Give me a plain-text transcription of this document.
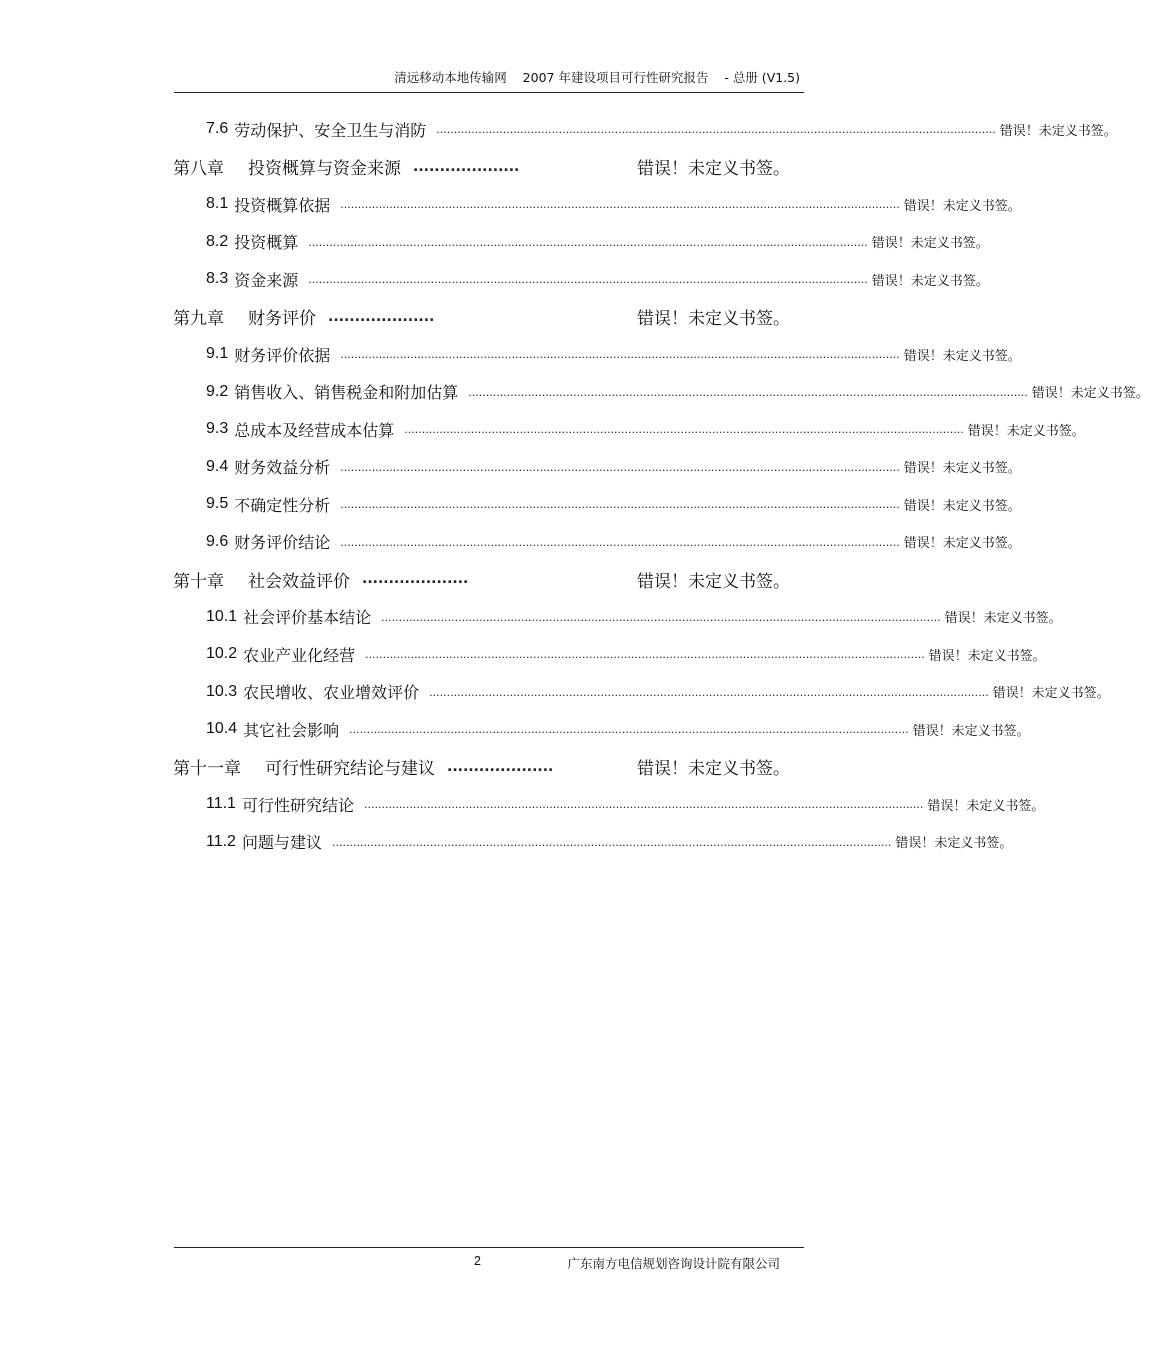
清远移动本地传输网    2007 年建设项目可行性研究报告    - 总册 (V1.5)
7.6 劳动保护、安全卫生与消防 ................................................................................................................................................................ 错误！未定义书签。
第八章 投资概算与资金来源 ....................	错误！未定义书签。
8.1 投资概算依据 ................................................................................................................................................................ 错误！未定义书签。
8.2 投资概算 ................................................................................................................................................................ 错误！未定义书签。
8.3 资金来源 ................................................................................................................................................................ 错误！未定义书签。
第九章 财务评价 ....................	错误！未定义书签。
9.1 财务评价依据 ................................................................................................................................................................ 错误！未定义书签。
9.2 销售收入、销售税金和附加估算 ................................................................................................................................................................ 错误！未定义书签。
9.3 总成本及经营成本估算 ................................................................................................................................................................ 错误！未定义书签。
9.4 财务效益分析 ................................................................................................................................................................ 错误！未定义书签。
9.5 不确定性分析 ................................................................................................................................................................ 错误！未定义书签。
9.6 财务评价结论 ................................................................................................................................................................ 错误！未定义书签。
第十章 社会效益评价 ....................	错误！未定义书签。
10.1 社会评价基本结论 ................................................................................................................................................................ 错误！未定义书签。
10.2 农业产业化经营 ................................................................................................................................................................ 错误！未定义书签。
10.3 农民增收、农业增效评价 ................................................................................................................................................................ 错误！未定义书签。
10.4 其它社会影响 ................................................................................................................................................................ 错误！未定义书签。
第十一章 可行性研究结论与建议 ....................	错误！未定义书签。
11.1 可行性研究结论 ................................................................................................................................................................ 错误！未定义书签。
11.2 问题与建议 ................................................................................................................................................................ 错误！未定义书签。
2	广东南方电信规划咨询设计院有限公司
